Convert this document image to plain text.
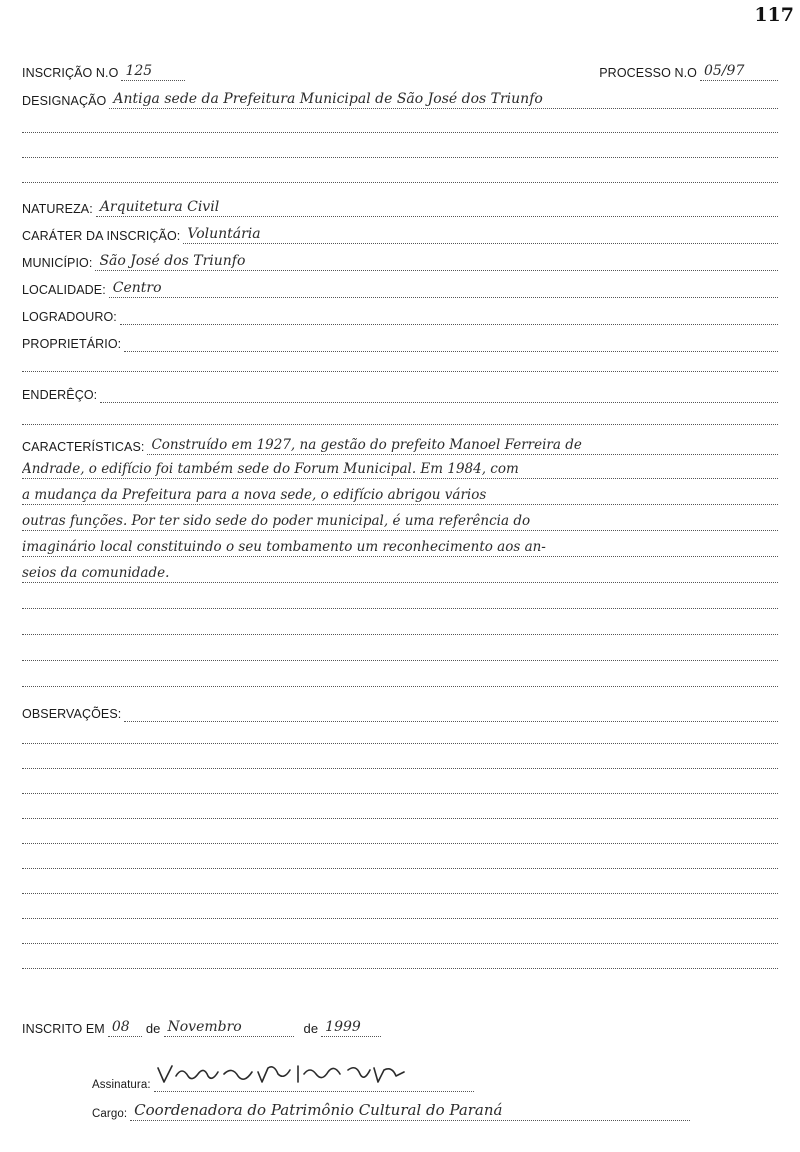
117
INSCRIÇÃO N.O 125	PROCESSO N.O 05/97
DESIGNAÇÃO Antiga sede da Prefeitura Municipal de São José dos Triunfo
NATUREZA: Arquitetura Civil
CARÁTER DA INSCRIÇÃO: Voluntária
MUNICÍPIO: São José dos Triunfo
LOCALIDADE: Centro
LOGRADOURO:
PROPRIETÁRIO:
ENDERÊÇO:
CARACTERÍSTICAS: Construído em 1927, na gestão do prefeito Manoel Ferreira de
Andrade, o edifício foi também sede do Forum Municipal. Em 1984, com
a mudança da Prefeitura para a nova sede, o edifício abrigou vários
outras funções. Por ter sido sede do poder municipal, é uma referência do
imaginário local constituindo o seu tombamento um reconhecimento aos an-
seios da comunidade.
OBSERVAÇÕES:
INSCRITO EM 08	de Novembro	de 1999
Assinatura:
Cargo: Coordenadora do Patrimônio Cultural do Paraná
